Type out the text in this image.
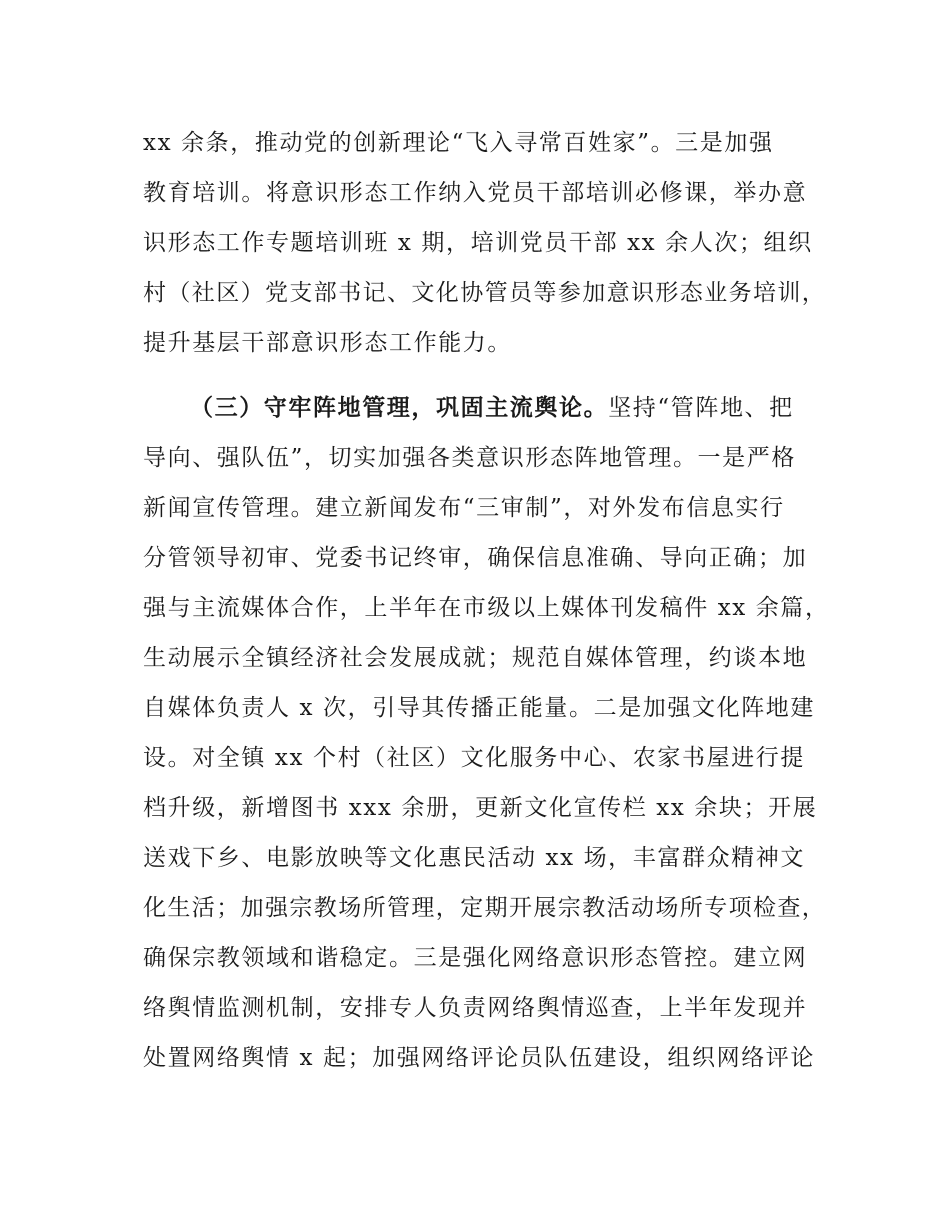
xx 余条，推动党的创新理论“飞入寻常百姓家”。三是加强

教育培训。将意识形态工作纳入党员干部培训必修课，举办意

识形态工作专题培训班 x 期，培训党员干部 xx 余人次；组织

村（社区）党支部书记、文化协管员等参加意识形态业务培训，

提升基层干部意识形态工作能力。

（三）守牢阵地管理，巩固主流舆论。坚持“管阵地、把

导向、强队伍”，切实加强各类意识形态阵地管理。一是严格

新闻宣传管理。建立新闻发布“三审制”，对外发布信息实行

分管领导初审、党委书记终审，确保信息准确、导向正确；加

强与主流媒体合作，上半年在市级以上媒体刊发稿件 xx 余篇，

生动展示全镇经济社会发展成就；规范自媒体管理，约谈本地

自媒体负责人 x 次，引导其传播正能量。二是加强文化阵地建

设。对全镇 xx 个村（社区）文化服务中心、农家书屋进行提

档升级，新增图书 xxx 余册，更新文化宣传栏 xx 余块；开展

送戏下乡、电影放映等文化惠民活动 xx 场，丰富群众精神文

化生活；加强宗教场所管理，定期开展宗教活动场所专项检查，

确保宗教领域和谐稳定。三是强化网络意识形态管控。建立网

络舆情监测机制，安排专人负责网络舆情巡查，上半年发现并

处置网络舆情 x 起；加强网络评论员队伍建设，组织网络评论
